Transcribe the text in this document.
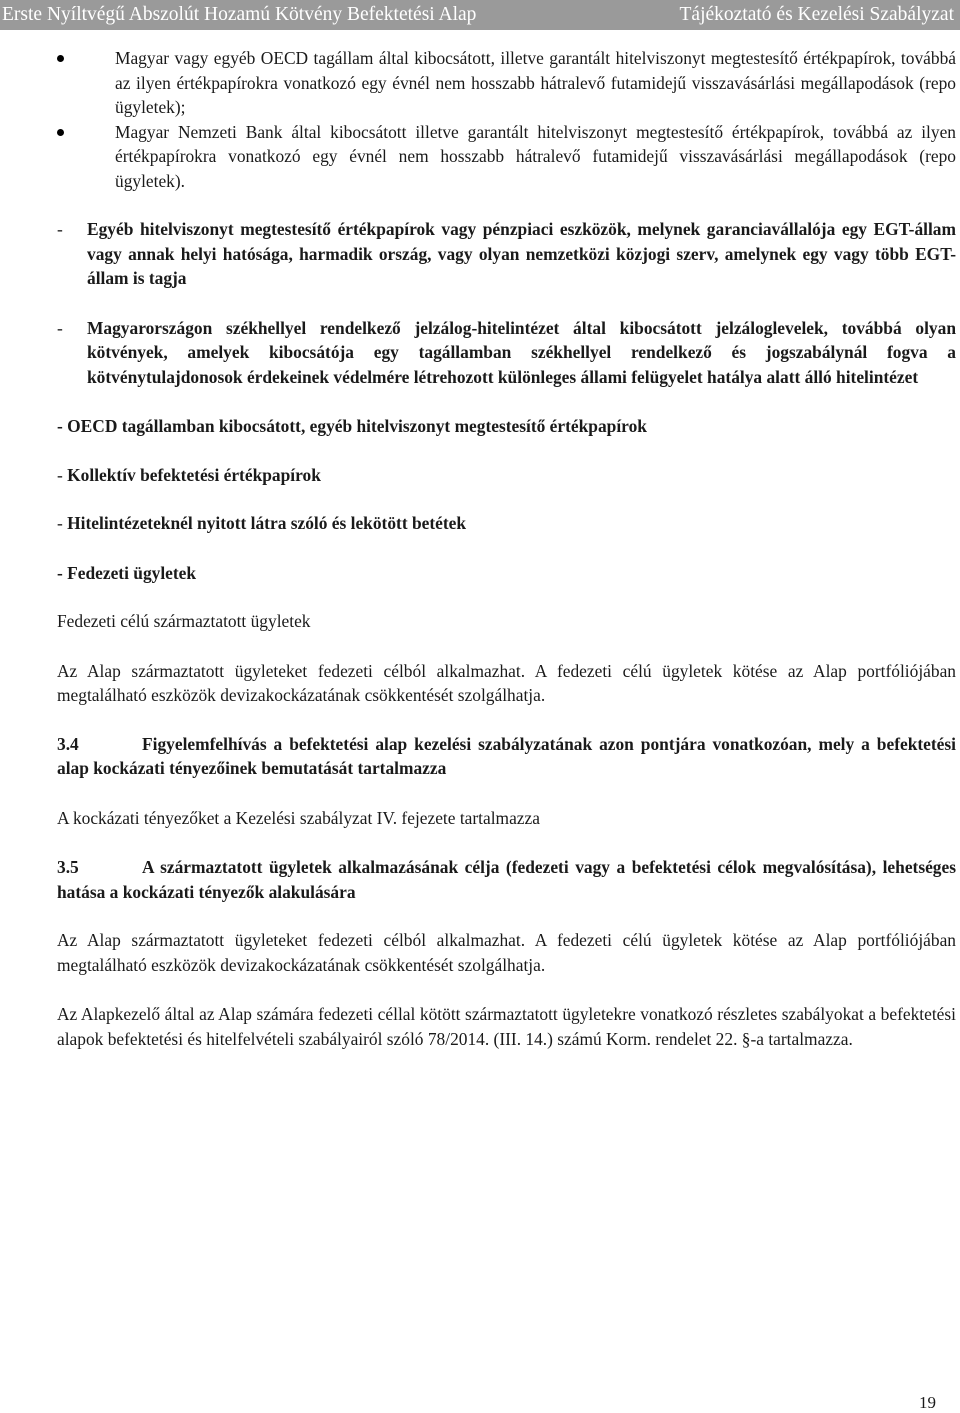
Erste Nyíltvégű Abszolút Hozamú Kötvény Befektetési Alap	Tájékoztató és Kezelési Szabályzat
Magyar vagy egyéb OECD tagállam által kibocsátott, illetve garantált hitelviszonyt megtestesítő értékpapírok, továbbá az ilyen értékpapírokra vonatkozó egy évnél nem hosszabb hátralevő futamidejű visszavásárlási megállapodások (repo ügyletek);
Magyar Nemzeti Bank által kibocsátott illetve garantált hitelviszonyt megtestesítő értékpapírok, továbbá az ilyen értékpapírokra vonatkozó egy évnél nem hosszabb hátralevő futamidejű visszavásárlási megállapodások (repo ügyletek).

- Egyéb hitelviszonyt megtestesítő értékpapírok vagy pénzpiaci eszközök, melynek garanciavállalója egy EGT-állam vagy annak helyi hatósága, harmadik ország, vagy olyan nemzetközi közjogi szerv, amelynek egy vagy több EGT-állam is tagja

- Magyarországon székhellyel rendelkező jelzálog-hitelintézet által kibocsátott jelzáloglevelek, továbbá olyan kötvények, amelyek kibocsátója egy tagállamban székhellyel rendelkező és jogszabálynál fogva a kötvénytulajdonosok érdekeinek védelmére létrehozott különleges állami felügyelet hatálya alatt álló hitelintézet

- OECD tagállamban kibocsátott, egyéb hitelviszonyt megtestesítő értékpapírok

- Kollektív befektetési értékpapírok

- Hitelintézeteknél nyitott látra szóló és lekötött betétek

- Fedezeti ügyletek

Fedezeti célú származtatott ügyletek

Az Alap származtatott ügyleteket fedezeti célból alkalmazhat. A fedezeti célú ügyletek kötése az Alap portfóliójában megtalálható eszközök devizakockázatának csökkentését szolgálhatja.

3.4	Figyelemfelhívás a befektetési alap kezelési szabályzatának azon pontjára vonatkozóan, mely a befektetési alap kockázati tényezőinek bemutatását tartalmazza

A kockázati tényezőket a Kezelési szabályzat IV. fejezete tartalmazza

3.5	A származtatott ügyletek alkalmazásának célja (fedezeti vagy a befektetési célok megvalósítása), lehetséges hatása a kockázati tényezők alakulására

Az Alap származtatott ügyleteket fedezeti célból alkalmazhat. A fedezeti célú ügyletek kötése az Alap portfóliójában megtalálható eszközök devizakockázatának csökkentését szolgálhatja.

Az Alapkezelő által az Alap számára fedezeti céllal kötött származtatott ügyletekre vonatkozó részletes szabályokat a befektetési alapok befektetési és hitelfelvételi szabályairól szóló 78/2014. (III. 14.) számú Korm. rendelet 22. §-a tartalmazza.

19
